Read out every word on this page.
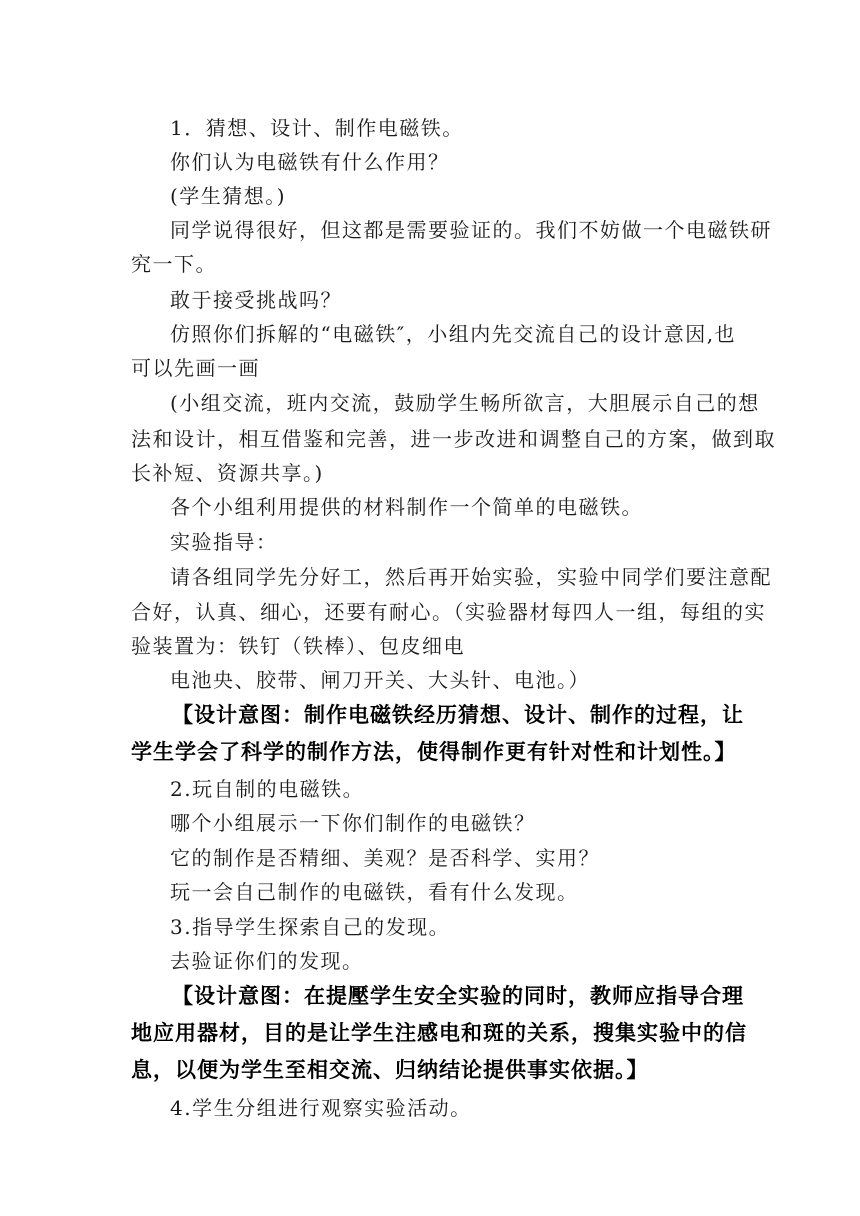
1．猜想、设计、制作电磁铁。
你们认为电磁铁有什么作用？
(学生猜想。)
同学说得很好，但这都是需要验证的。我们不妨做一个电磁铁研
究一下。
敢于接受挑战吗？
仿照你们拆解的“电磁铁″，小组内先交流自己的设计意因,也
可以先画一画
(小组交流，班内交流，鼓励学生畅所欲言，大胆展示自己的想
法和设计，相互借鉴和完善，进一步改进和调整自己的方案，做到取
长补短、资源共享。)
各个小组利用提供的材料制作一个简单的电磁铁。
实验指导：
请各组同学先分好工，然后再开始实验，实验中同学们要注意配
合好，认真、细心，还要有耐心。（实验器材每四人一组，每组的实
验装置为：铁钉（铁棒）、包皮细电
电池央、胶带、闸刀开关、大头针、电池。）
【设计意图：制作电磁铁经历猜想、设计、制作的过程，让
学生学会了科学的制作方法，使得制作更有针对性和计划性。】
2.玩自制的电磁铁。
哪个小组展示一下你们制作的电磁铁？
它的制作是否精细、美观？是否科学、实用？
玩一会自己制作的电磁铁，看有什么发现。
3.指导学生探索自己的发现。
去验证你们的发现。
【设计意图：在提壓学生安全实验的同时，教师应指导合理
地应用器材，目的是让学生注感电和斑的关系，搜集实验中的信
息，以便为学生至相交流、归纳结论提供事实依据。】
4.学生分组进行观察实验活动。
